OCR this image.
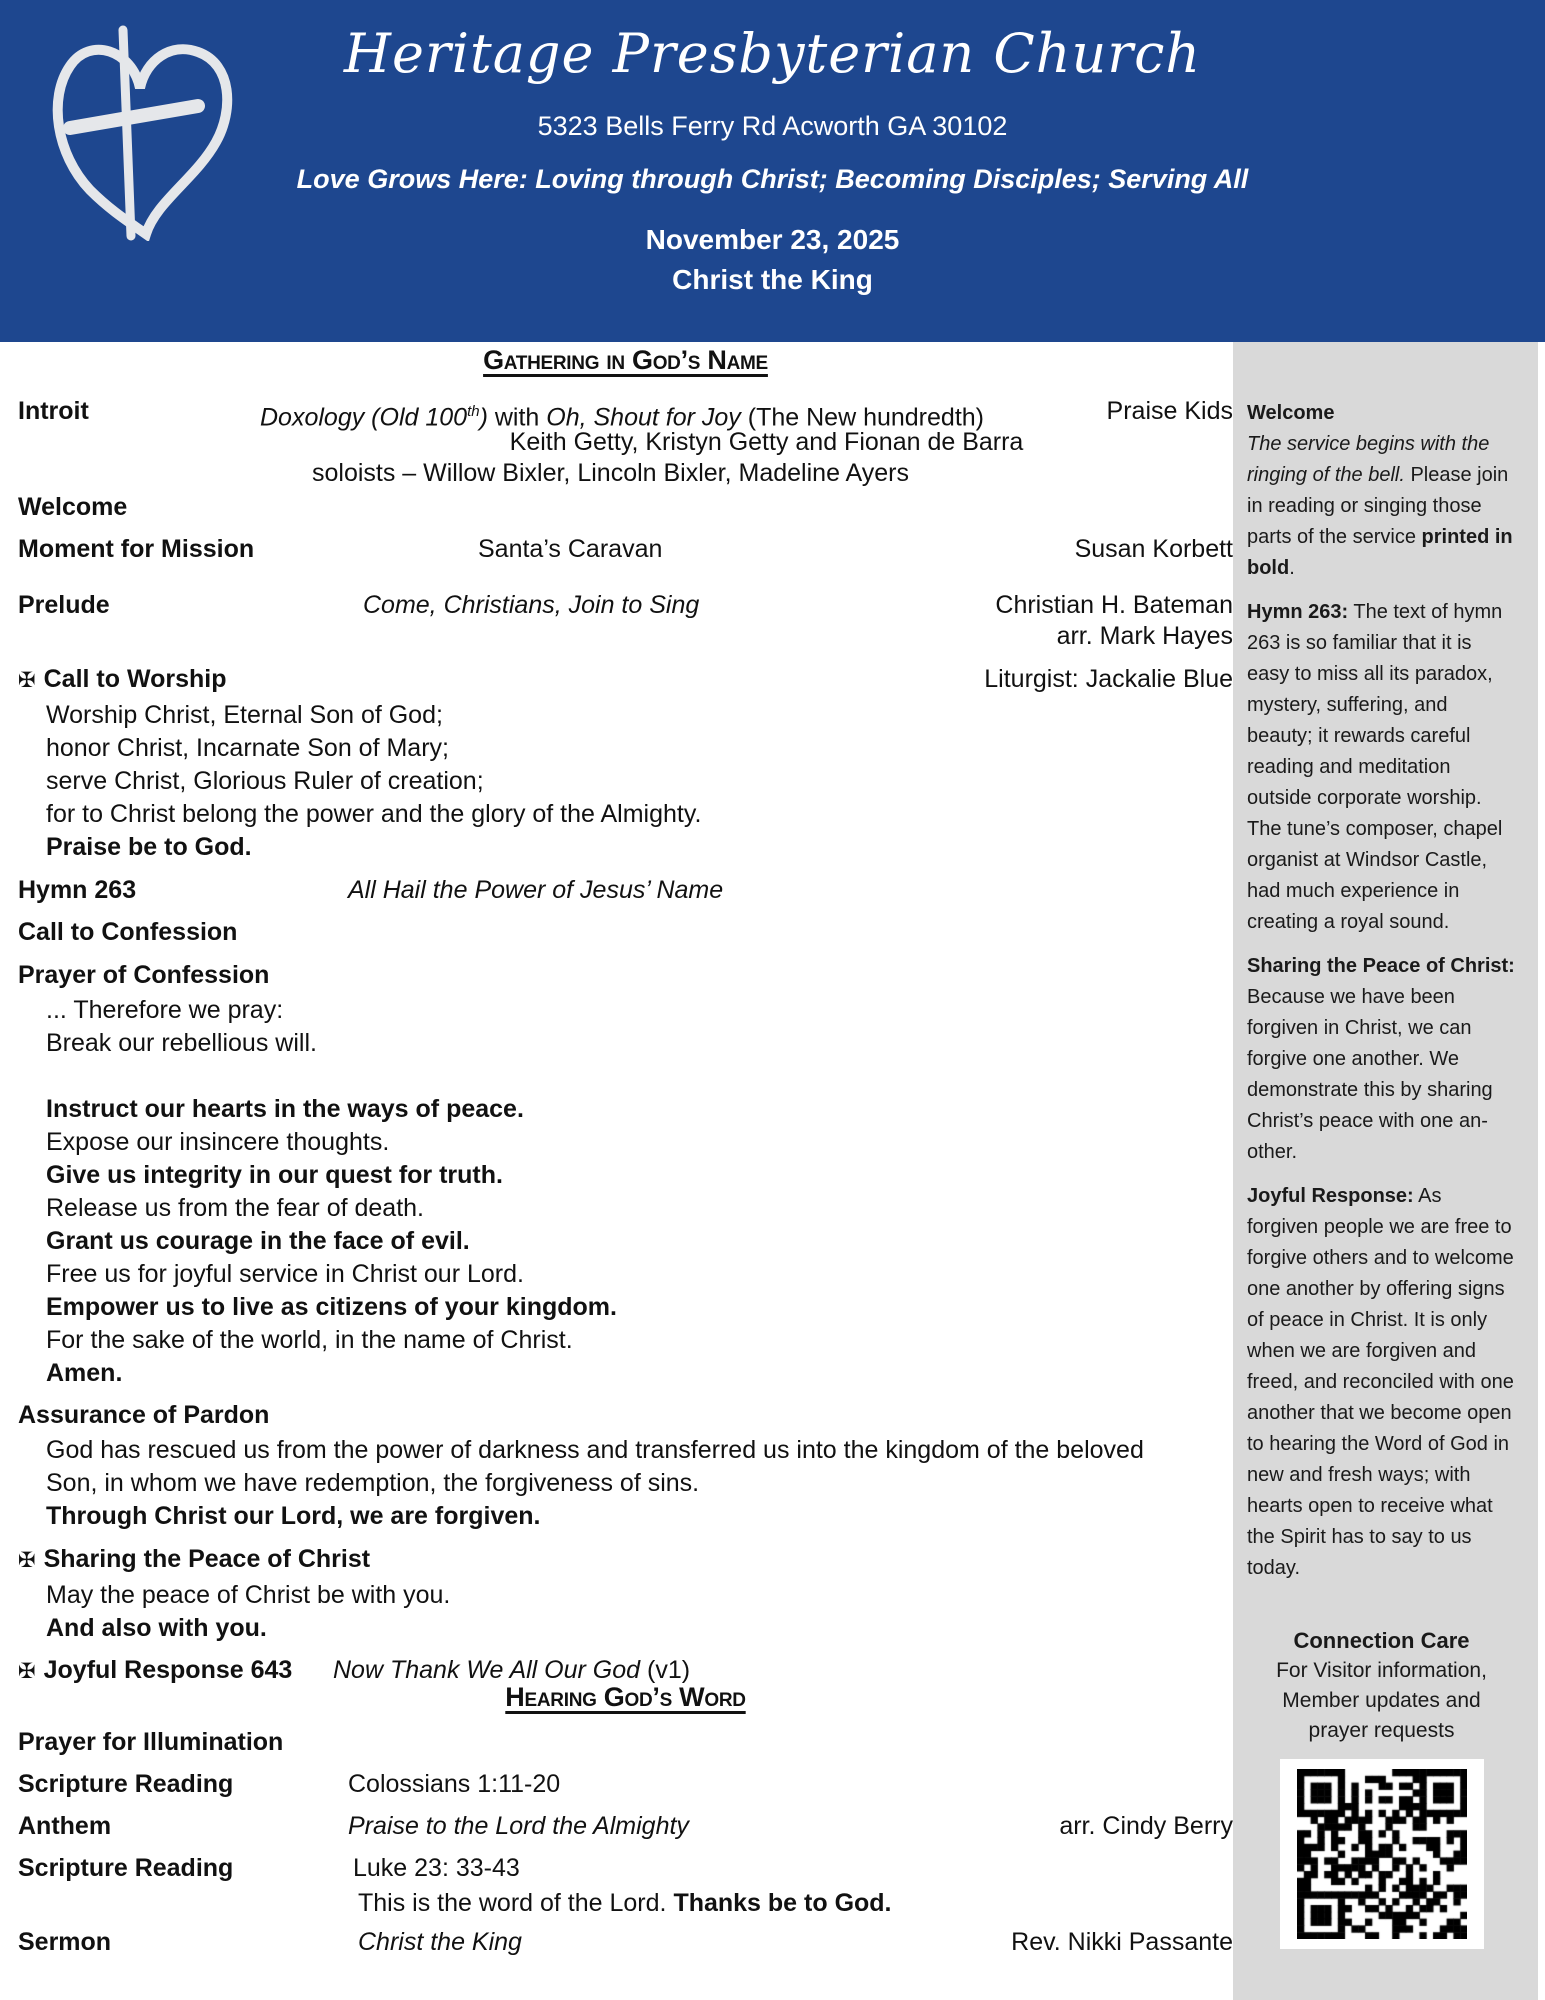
Heritage Presbyterian Church
5323 Bells Ferry Rd Acworth GA 30102
Love Grows Here: Loving through Christ; Becoming Disciples; Serving All
November 23, 2025
Christ the King
Welcome
The service begins with the ringing of the bell. Please join in reading or singing those parts of the service printed in bold.
Hymn 263: The text of hymn 263 is so familiar that it is easy to miss all its paradox, mystery, suffering, and beauty; it rewards careful reading and meditation outside corporate worship. The tune’s composer, chapel organist at Windsor Castle, had much experience in creating a royal sound.
Sharing the Peace of Christ: Because we have been forgiven in Christ, we can forgive one another. We demonstrate this by sharing Christ’s peace with one an- other.
Joyful Response: As forgiven people we are free to forgive others and to welcome one another by offering signs of peace in Christ. It is only when we are forgiven and freed, and reconciled with one another that we become open to hearing the Word of God in new and fresh ways; with hearts open to receive what the Spirit has to say to us today.
Connection Care
For Visitor information,
Member updates and
prayer requests
Gathering in God’s Name
Introit	Doxology (Old 100th) with Oh, Shout for Joy (The New hundredth)	Praise Kids
Keith Getty, Kristyn Getty and Fionan de Barra
soloists – Willow Bixler, Lincoln Bixler, Madeline Ayers
Welcome
Moment for Mission	Santa’s Caravan	Susan Korbett
Prelude	Come, Christians, Join to Sing	Christian H. Bateman
arr. Mark Hayes
✠ Call to Worship	Liturgist: Jackalie Blue
Worship Christ, Eternal Son of God;
honor Christ, Incarnate Son of Mary;
serve Christ, Glorious Ruler of creation;
for to Christ belong the power and the glory of the Almighty.
Praise be to God.
Hymn 263	All Hail the Power of Jesus’ Name
Call to Confession
Prayer of Confession
... Therefore we pray:
Break our rebellious will.

Instruct our hearts in the ways of peace.
Expose our insincere thoughts.
Give us integrity in our quest for truth.
Release us from the fear of death.
Grant us courage in the face of evil.
Free us for joyful service in Christ our Lord.
Empower us to live as citizens of your kingdom.
For the sake of the world, in the name of Christ.
Amen.
Assurance of Pardon
God has rescued us from the power of darkness and transferred us into the kingdom of the beloved
Son, in whom we have redemption, the forgiveness of sins.
Through Christ our Lord, we are forgiven.
✠ Sharing the Peace of Christ
May the peace of Christ be with you.
And also with you.
✠ Joyful Response 643 Now Thank We All Our God (v1)
Hearing God’s Word
Prayer for Illumination
Scripture Reading	Colossians 1:11-20
Anthem	Praise to the Lord the Almighty	arr. Cindy Berry
Scripture Reading	Luke 23: 33-43
This is the word of the Lord. Thanks be to God.
Sermon	Christ the King	Rev. Nikki Passante
